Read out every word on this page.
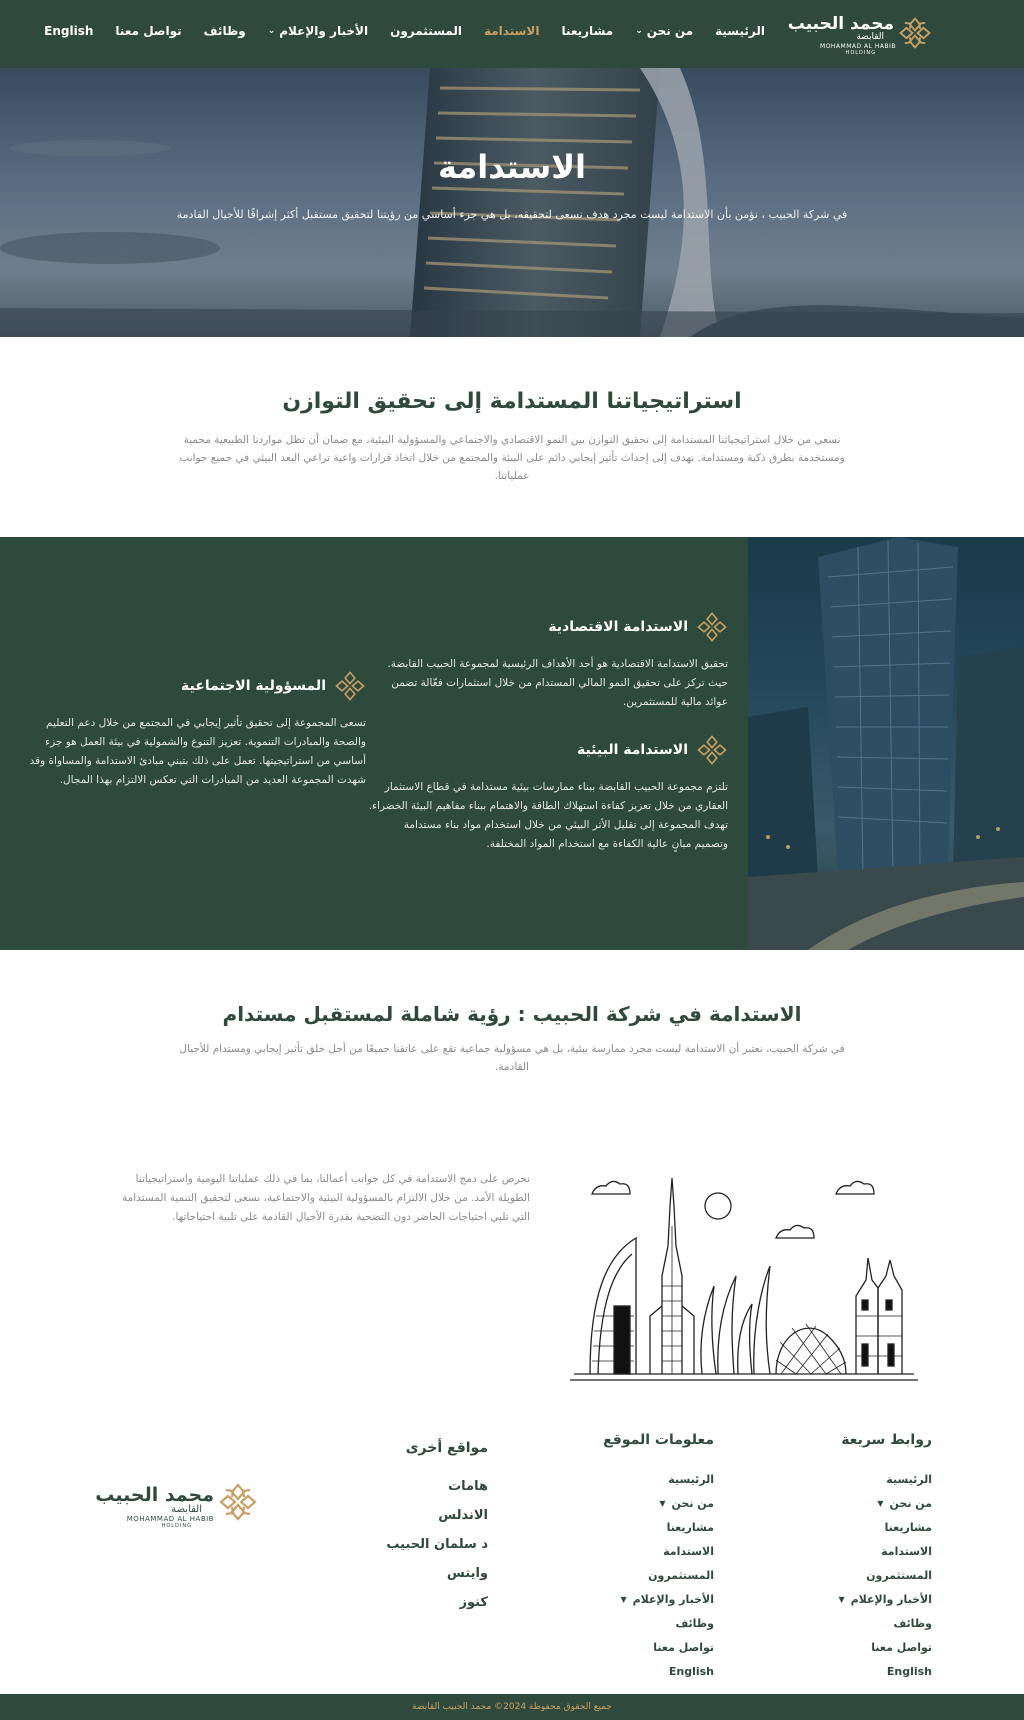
محمد الحبيب
القابضة
MOHAMMAD AL HABIB
HOLDING
الرئيسية
من نحن
⌄
مشاريعنا
الاستدامة
المستثمرون
الأخبار والإعلام
⌄
وظائف
تواصل معنا
English
الاستدامة

في شركة الحبيب ، نؤمن بأن الاستدامة ليست مجرد هدف نسعى لتحقيقه، بل هي جزء أساسي من رؤيتنا لتحقيق مستقبل أكثر إشراقًا للأجيال القادمة

استراتيجياتنا المستدامة إلى تحقيق التوازن

نسعى من خلال استراتيجياتنا المستدامة إلى تحقيق التوازن بين النمو الاقتصادي والاجتماعي والمسؤولية البيئية، مع ضمان أن تظل مواردنا الطبيعية محمية ومستخدمة بطرق ذكية ومستدامة. نهدف إلى إحداث تأثير إيجابي دائم على البيئة والمجتمع من خلال اتخاذ قرارات واعية تراعي البعد البيئي في جميع جوانب عملياتنا.

الاستدامة الاقتصادية

تحقيق الاستدامة الاقتصادية هو أحد الأهداف الرئيسية لمجموعة الحبيب القابضة. حيث تركز على تحقيق النمو المالي المستدام من خلال استثمارات فعّالة تضمن عوائد مالية للمستثمرين.

الاستدامة البيئية

تلتزم مجموعة الحبيب القابضة ببناء ممارسات بيئية مستدامة في قطاع الاستثمار العقاري من خلال تعزيز كفاءة استهلاك الطاقة والاهتمام ببناء مفاهيم البيئة الخضراء. تهدف المجموعة إلى تقليل الأثر البيئي من خلال استخدام مواد بناء مستدامة وتصميم مبانٍ عالية الكفاءة مع استخدام المواد المختلفة.

المسؤولية الاجتماعية

تسعى المجموعة إلى تحقيق تأثير إيجابي في المجتمع من خلال دعم التعليم والصحة والمبادرات التنموية. تعزيز التنوع والشمولية في بيئة العمل هو جزء أساسي من استراتيجيتها. تعمل على ذلك بتبني مبادئ الاستدامة والمساواة وقد شهدت المجموعة العديد من المبادرات التي تعكس الالتزام بهذا المجال.

الاستدامة في شركة الحبيب : رؤية شاملة لمستقبل مستدام

في شركة الحبيب، نعتبر أن الاستدامة ليست مجرد ممارسة بيئية، بل هي مسؤولية جماعية تقع على عاتقنا جميعًا من أجل خلق تأثير إيجابي ومستدام للأجيال القادمة.

نحرص على دمج الاستدامة في كل جوانب أعمالنا، بما في ذلك عملياتنا اليومية واستراتيجياتنا الطويلة الأمد. من خلال الالتزام بالمسؤولية البيئية والاجتماعية، نسعى لتحقيق التنمية المستدامة التي تلبي احتياجات الحاضر دون التضحية بقدرة الأجيال القادمة على تلبية احتياجاتها.

روابط سريعة
الرئيسية
من نحن
▼
مشاريعنا
الاستدامة
المستثمرون
الأخبار والإعلام
▼
وظائف
تواصل معنا
English
معلومات الموقع
الرئيسية
من نحن
▼
مشاريعنا
الاستدامة
المستثمرون
الأخبار والإعلام
▼
وظائف
تواصل معنا
English
مواقع أخرى
هامات
الاندلس
د سلمان الحبيب
وايتس
كنوز
محمد الحبيب
القابضة
MOHAMMAD AL HABIB
HOLDING
جميع الحقوق محفوظة 2024© محمد الحبيب القابضة
